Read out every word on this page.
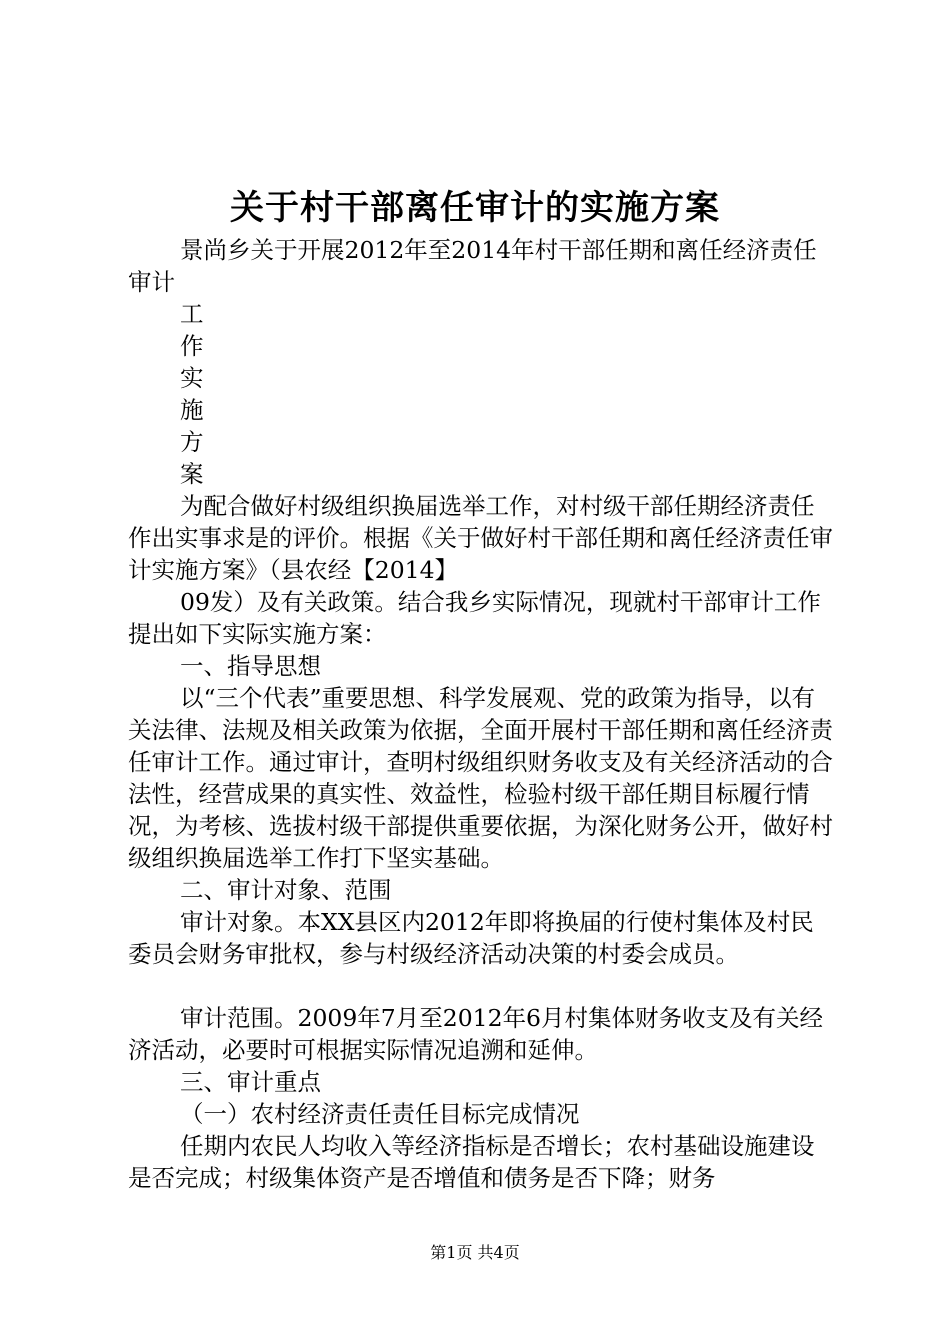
关于村干部离任审计的实施方案

景尚乡关于开展2012年至2014年村干部任期和离任经济责任审计

工

作

实

施

方

案

为配合做好村级组织换届选举工作，对村级干部任期经济责任作出实事求是的评价。根据《关于做好村干部任期和离任经济责任审计实施方案》（县农经【2014】

09发）及有关政策。结合我乡实际情况，现就村干部审计工作提出如下实际实施方案：

一、指导思想

以“三个代表”重要思想、科学发展观、党的政策为指导，以有关法律、法规及相关政策为依据，全面开展村干部任期和离任经济责任审计工作。通过审计，查明村级组织财务收支及有关经济活动的合法性，经营成果的真实性、效益性，检验村级干部任期目标履行情况，为考核、选拔村级干部提供重要依据，为深化财务公开，做好村级组织换届选举工作打下坚实基础。

二、审计对象、范围

审计对象。本XX县区内2012年即将换届的行使村集体及村民委员会财务审批权，参与村级经济活动决策的村委会成员。

审计范围。2009年7月至2012年6月村集体财务收支及有关经济活动，必要时可根据实际情况追溯和延伸。

三、审计重点

（一）农村经济责任责任目标完成情况

任期内农民人均收入等经济指标是否增长；农村基础设施建设是否完成；村级集体资产是否增值和债务是否下降；财务

第1页 共4页
